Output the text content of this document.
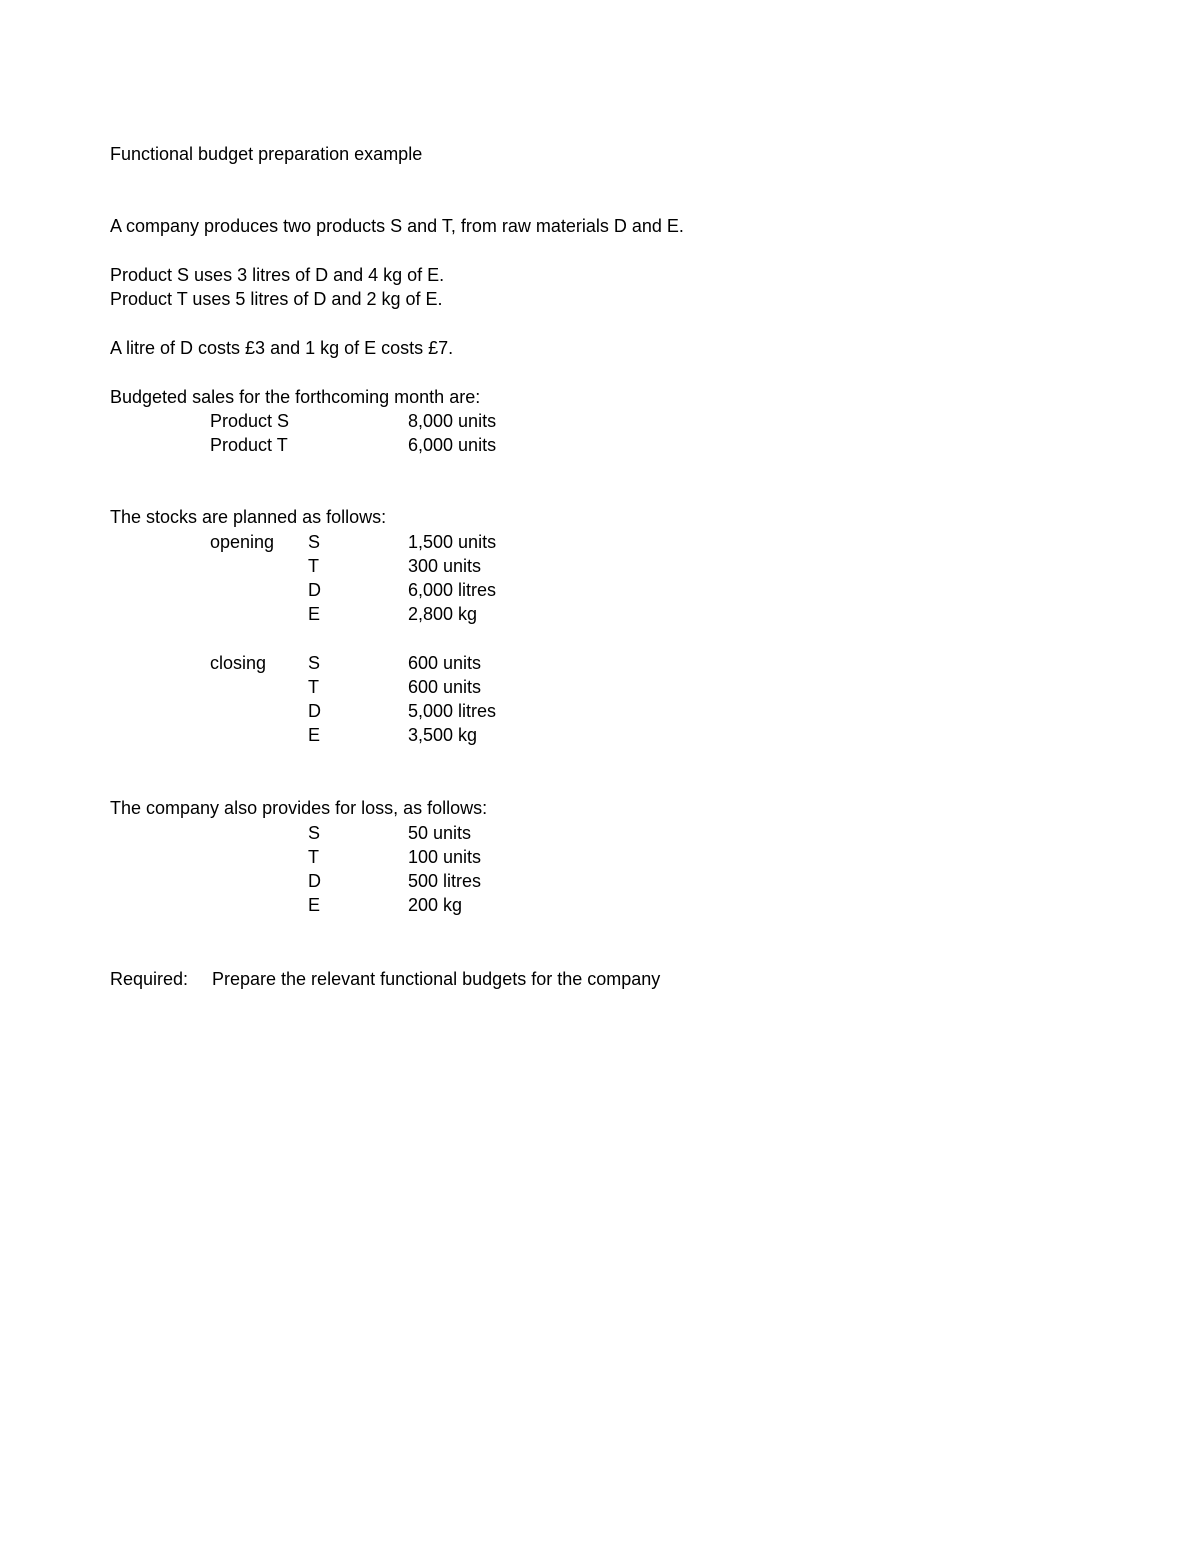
Functional budget preparation example
A company produces two products S and T, from raw materials D and E.
Product S uses 3 litres of D and 4 kg of E.
Product T uses 5 litres of D and 2 kg of E.
A litre of D costs £3 and 1 kg of E costs £7.
Budgeted sales for the forthcoming month are:
Product S	8,000 units
Product T	6,000 units
The stocks are planned as follows:
opening S	1,500 units
T	300 units
D	6,000 litres
E	2,800 kg
closing S	600 units
T	600 units
D	5,000 litres
E	3,500 kg
The company also provides for loss, as follows:
S	50 units
T	100 units
D	500 litres
E	200 kg
Required: Prepare the relevant functional budgets for the company
